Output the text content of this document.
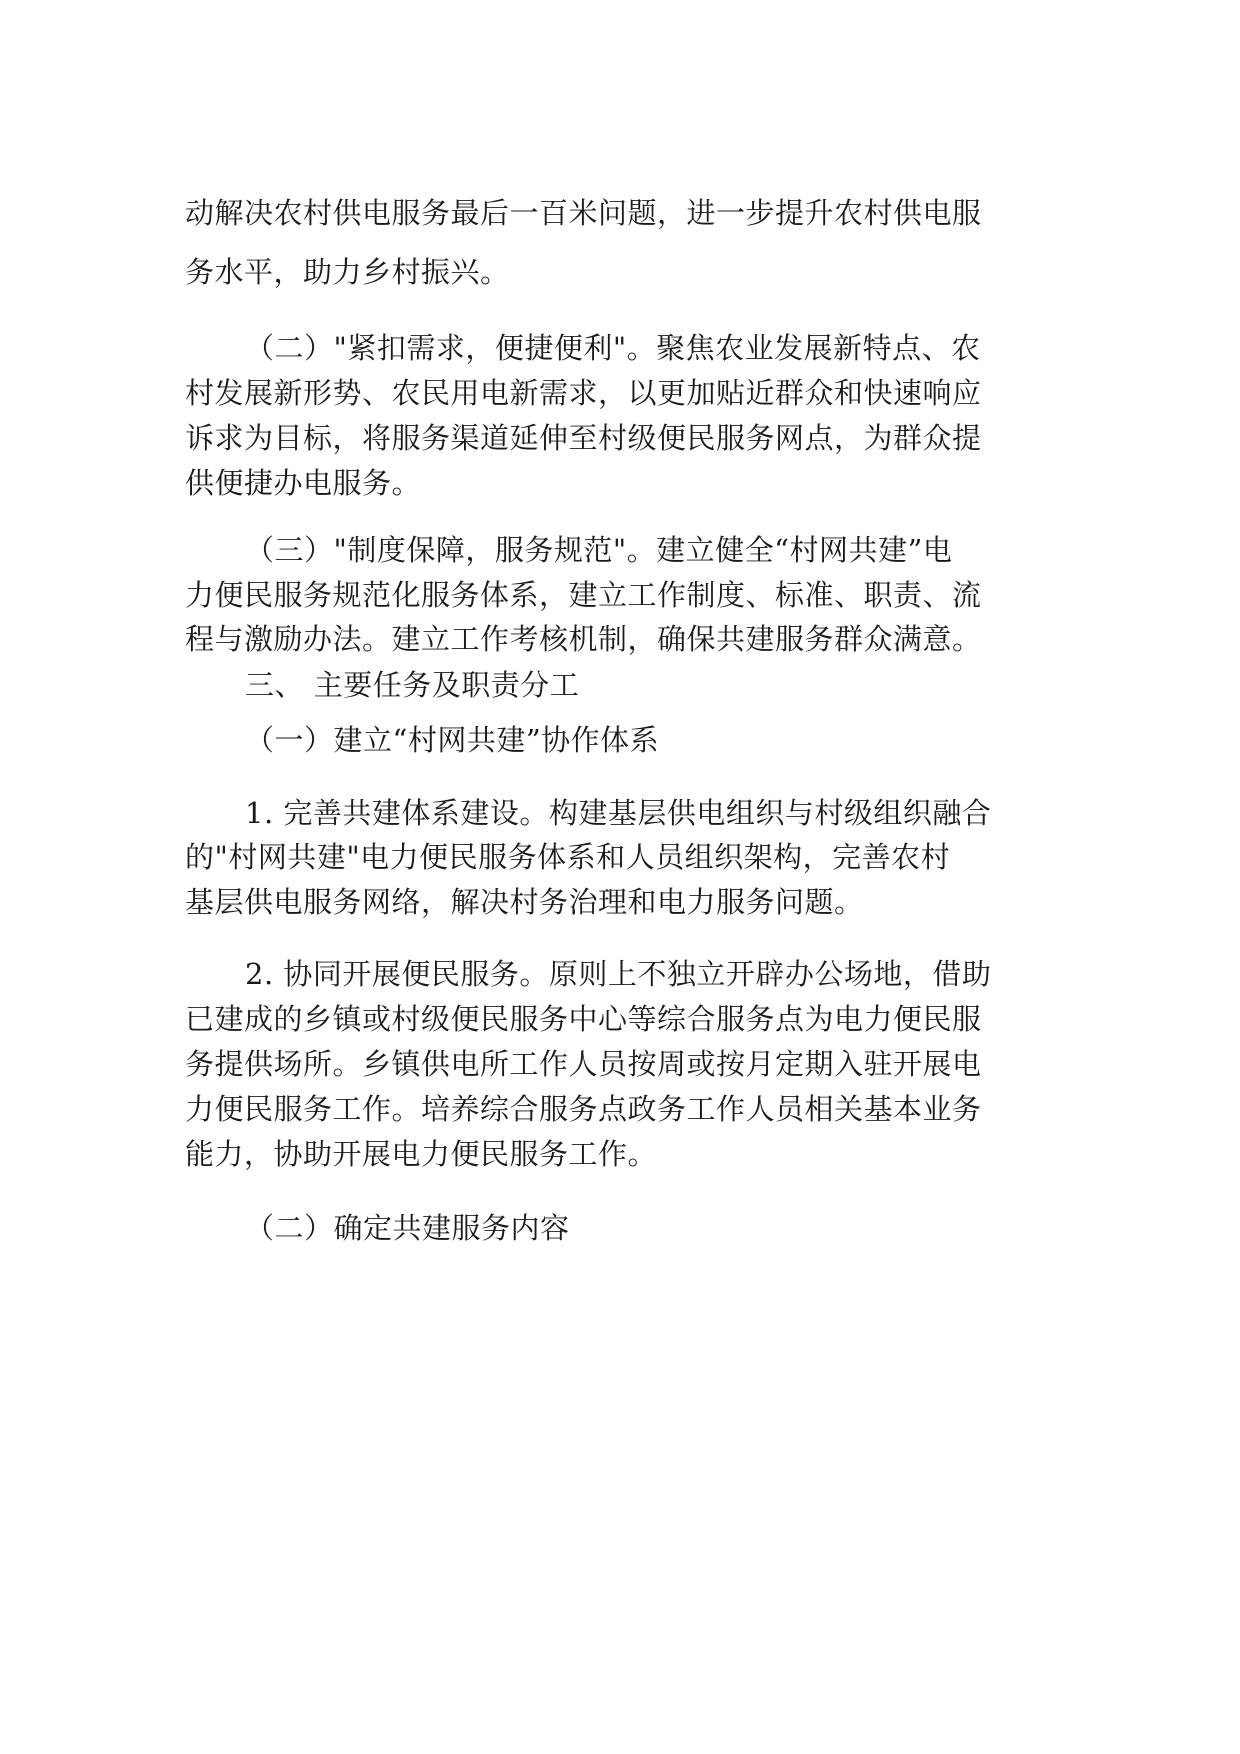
动解决农村供电服务最后一百米问题，进一步提升农村供电服
务水平，助力乡村振兴。
（二）"紧扣需求，便捷便利"。聚焦农业发展新特点、农
村发展新形势、农民用电新需求，以更加贴近群众和快速响应
诉求为目标，将服务渠道延伸至村级便民服务网点，为群众提
供便捷办电服务。
（三）"制度保障，服务规范"。建立健全“村网共建”电
力便民服务规范化服务体系，建立工作制度、标准、职责、流
程与激励办法。建立工作考核机制，确保共建服务群众满意。
三、 主要任务及职责分工
（一）建立“村网共建”协作体系
1. 完善共建体系建设。构建基层供电组织与村级组织融合
的"村网共建"电力便民服务体系和人员组织架构，完善农村
基层供电服务网络，解决村务治理和电力服务问题。
2. 协同开展便民服务。原则上不独立开辟办公场地，借助
已建成的乡镇或村级便民服务中心等综合服务点为电力便民服
务提供场所。乡镇供电所工作人员按周或按月定期入驻开展电
力便民服务工作。培养综合服务点政务工作人员相关基本业务
能力，协助开展电力便民服务工作。
（二）确定共建服务内容
